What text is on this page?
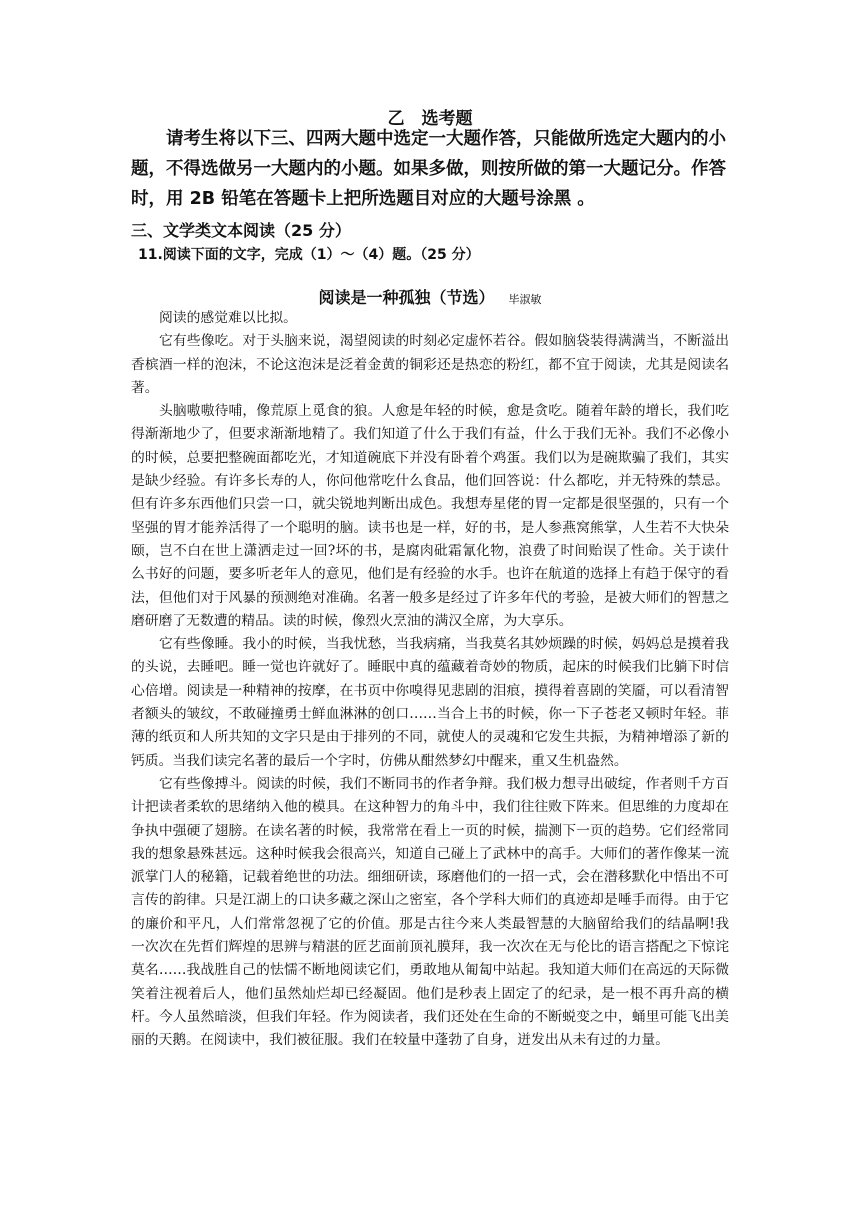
乙　选考题

请考生将以下三、四两大题中选定一大题作答，只能做所选定大题内的小题，不得选做另一大题内的小题。如果多做，则按所做的第一大题记分。作答时，用 2B 铅笔在答题卡上把所选题目对应的大题号涂黑 。

三、文学类文本阅读（25 分）

11.阅读下面的文字，完成（1）～（4）题。（25 分）

阅读是一种孤独（节选） 毕淑敏

阅读的感觉难以比拟。

它有些像吃。对于头脑来说，渴望阅读的时刻必定虚怀若谷。假如脑袋装得满满当，不断溢出香槟酒一样的泡沫，不论这泡沫是泛着金黄的铜彩还是热恋的粉红，都不宜于阅读，尤其是阅读名著。

头脑嗷嗷待哺，像荒原上觅食的狼。人愈是年轻的时候，愈是贪吃。随着年龄的增长，我们吃得渐渐地少了，但要求渐渐地精了。我们知道了什么于我们有益，什么于我们无补。我们不必像小的时候，总要把整碗面都吃光，才知道碗底下并没有卧着个鸡蛋。我们以为是碗欺骗了我们，其实是缺少经验。有许多长寿的人，你问他常吃什么食品，他们回答说：什么都吃，并无特殊的禁忌。但有许多东西他们只尝一口，就尖锐地判断出成色。我想寿星佬的胃一定都是很坚强的，只有一个坚强的胃才能养活得了一个聪明的脑。读书也是一样，好的书，是人参燕窝熊掌，人生若不大快朵颐，岂不白在世上潇洒走过一回?坏的书，是腐肉砒霜氰化物，浪费了时间贻误了性命。关于读什么书好的问题，要多听老年人的意见，他们是有经验的水手。也许在航道的选择上有趋于保守的看法，但他们对于风暴的预测绝对准确。名著一般多是经过了许多年代的考验，是被大师们的智慧之磨研磨了无数遭的精品。读的时候，像烈火烹油的满汉全席，为大享乐。

它有些像睡。我小的时候，当我忧愁，当我病痛，当我莫名其妙烦躁的时候，妈妈总是摸着我的头说，去睡吧。睡一觉也许就好了。睡眠中真的蕴藏着奇妙的物质，起床的时候我们比躺下时信心倍增。阅读是一种精神的按摩，在书页中你嗅得见悲剧的泪痕，摸得着喜剧的笑靥，可以看清智者额头的皱纹，不敢碰撞勇士鲜血淋淋的创口……当合上书的时候，你一下子苍老又顿时年轻。菲薄的纸页和人所共知的文字只是由于排列的不同，就使人的灵魂和它发生共振，为精神增添了新的钙质。当我们读完名著的最后一个字时，仿佛从酣然梦幻中醒来，重又生机盎然。

它有些像搏斗。阅读的时候，我们不断同书的作者争辩。我们极力想寻出破绽，作者则千方百计把读者柔软的思绪纳入他的模具。在这种智力的角斗中，我们往往败下阵来。但思维的力度却在争执中强硬了翅膀。在读名著的时候，我常常在看上一页的时候，揣测下一页的趋势。它们经常同我的想象悬殊甚远。这种时候我会很高兴，知道自己碰上了武林中的高手。大师们的著作像某一流派掌门人的秘籍，记载着绝世的功法。细细研读，琢磨他们的一招一式，会在潜移默化中悟出不可言传的韵律。只是江湖上的口诀多藏之深山之密室，各个学科大师们的真迹却是唾手而得。由于它的廉价和平凡，人们常常忽视了它的价值。那是古往今来人类最智慧的大脑留给我们的结晶啊!我一次次在先哲们辉煌的思辨与精湛的匠艺面前顶礼膜拜，我一次次在无与伦比的语言搭配之下惊诧莫名……我战胜自己的怯懦不断地阅读它们，勇敢地从匍匐中站起。我知道大师们在高远的天际微笑着注视着后人，他们虽然灿烂却已经凝固。他们是秒表上固定了的纪录，是一根不再升高的横杆。今人虽然暗淡，但我们年轻。作为阅读者，我们还处在生命的不断蜕变之中，蛹里可能飞出美丽的天鹅。在阅读中，我们被征服。我们在较量中蓬勃了自身，迸发出从未有过的力量。
